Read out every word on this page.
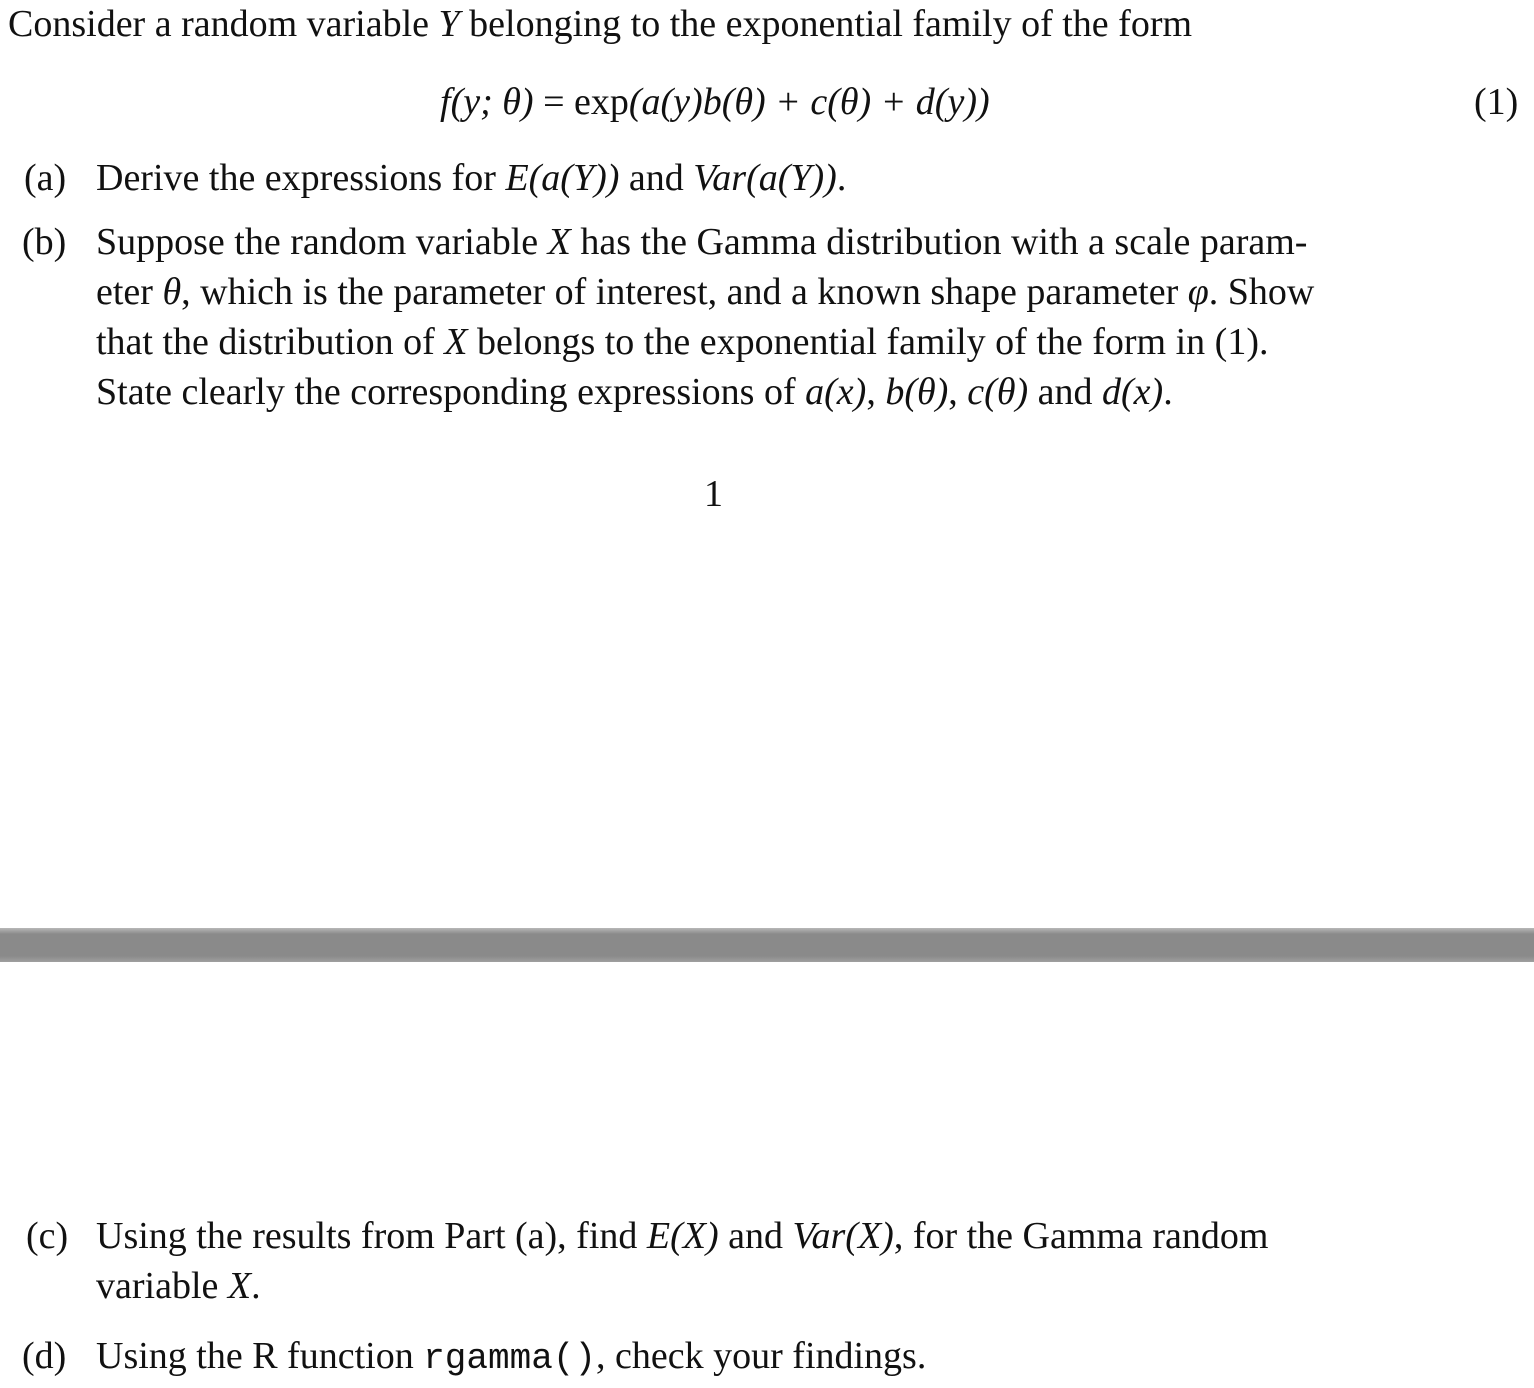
Consider a random variable Y belonging to the exponential family of the form
f(y; θ) = exp(a(y)b(θ) + c(θ) + d(y))	(1)
(a) Derive the expressions for E(a(Y)) and Var(a(Y)).
(b) Suppose the random variable X has the Gamma distribution with a scale param-
eter θ, which is the parameter of interest, and a known shape parameter φ. Show
that the distribution of X belongs to the exponential family of the form in (1).
State clearly the corresponding expressions of a(x), b(θ), c(θ) and d(x).
1
(c) Using the results from Part (a), find E(X) and Var(X), for the Gamma random
variable X.
(d) Using the R function rgamma(), check your findings.
